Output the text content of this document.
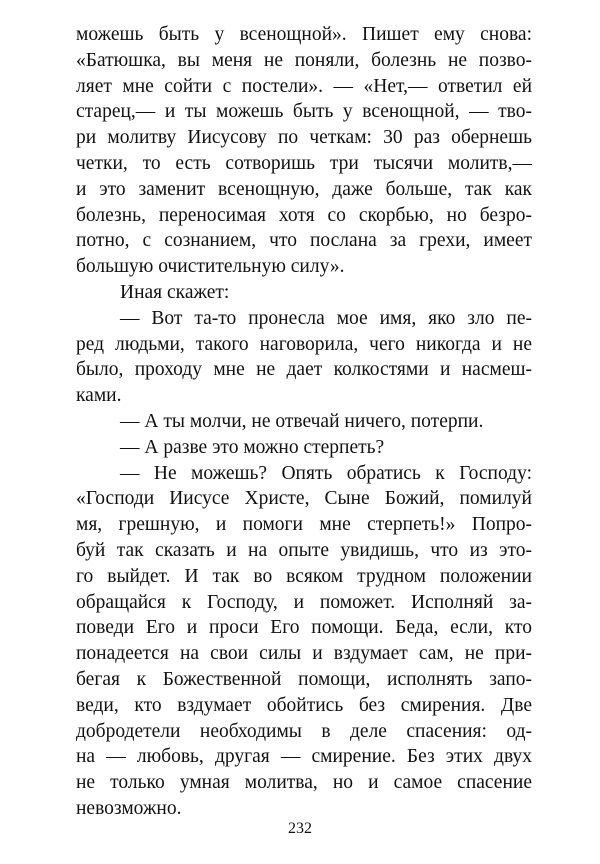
можешь быть у всенощной». Пишет ему снова:
«Батюшка, вы меня не поняли, болезнь не позво-
ляет мне сойти с постели». — «Нет,— ответил ей
старец,— и ты можешь быть у всенощной, — тво-
ри молитву Иисусову по четкам: 30 раз обернешь
четки, то есть сотворишь три тысячи молитв,—
и это заменит всенощную, даже больше, так как
болезнь, переносимая хотя со скорбью, но безро-
потно, с сознанием, что послана за грехи, имеет
большую очистительную силу».
Иная скажет:
— Вот та-то пронесла мое имя, яко зло пе-
ред людьми, такого наговорила, чего никогда и не
было, проходу мне не дает колкостями и насмеш-
ками.
— А ты молчи, не отвечай ничего, потерпи.
— А разве это можно стерпеть?
— Не можешь? Опять обратись к Господу:
«Господи Иисусе Христе, Сыне Божий, помилуй
мя, грешную, и помоги мне стерпеть!» Попро-
буй так сказать и на опыте увидишь, что из это-
го выйдет. И так во всяком трудном положении
обращайся к Господу, и поможет. Исполняй за-
поведи Его и проси Его помощи. Беда, если, кто
понадеется на свои силы и вздумает сам, не при-
бегая к Божественной помощи, исполнять запо-
веди, кто вздумает обойтись без смирения. Две
добродетели необходимы в деле спасения: од-
на — любовь, другая — смирение. Без этих двух
не только умная молитва, но и самое спасение
невозможно.
232
